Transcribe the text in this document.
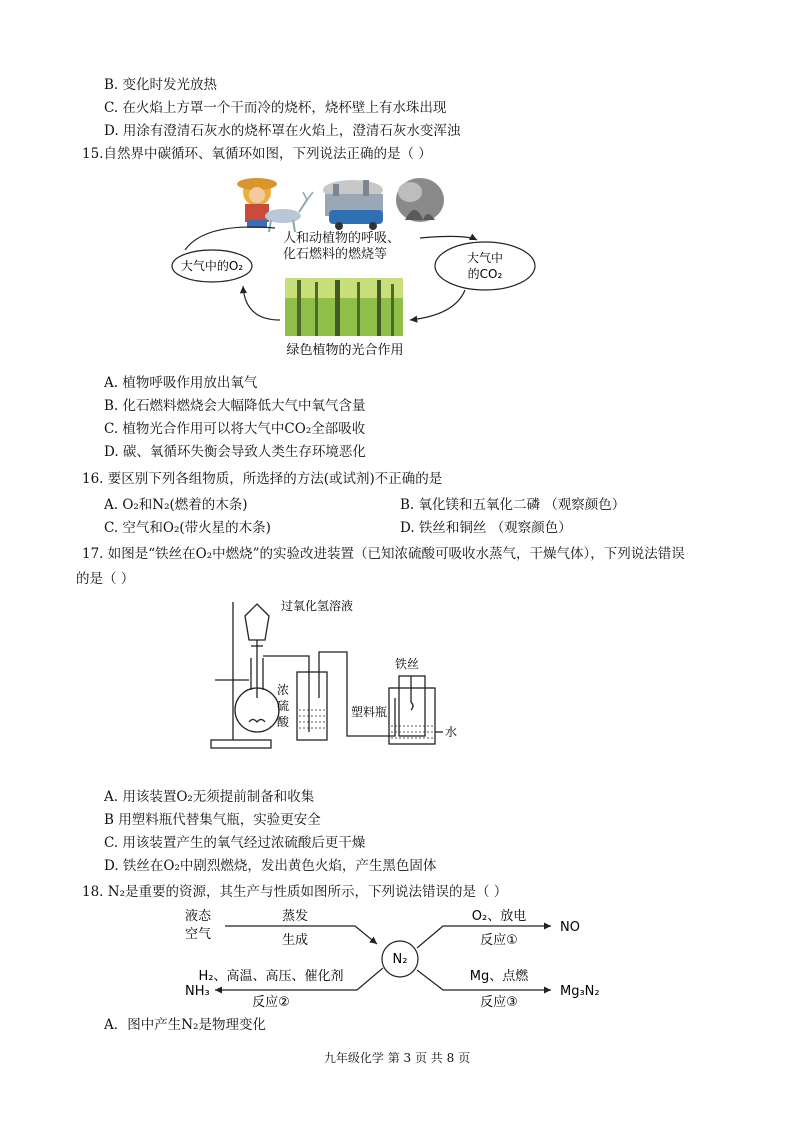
B. 变化时发光放热
C. 在火焰上方罩一个干而冷的烧杯，烧杯壁上有水珠出现
D. 用涂有澄清石灰水的烧杯罩在火焰上，澄清石灰水变浑浊
15.自然界中碳循环、氧循环如图，下列说法正确的是（ ）
人和动植物的呼吸、
化石燃料的燃烧等
大气中的O₂
大气中
的CO₂
绿色植物的光合作用
A. 植物呼吸作用放出氧气
B. 化石燃料燃烧会大幅降低大气中氧气含量
C. 植物光合作用可以将大气中CO₂全部吸收
D. 碳、氧循环失衡会导致人类生存环境恶化
16. 要区别下列各组物质，所选择的方法(或试剂)不正确的是
A. O₂和N₂(燃着的木条)	B. 氧化镁和五氧化二磷 （观察颜色）
C. 空气和O₂(带火星的木条)	D. 铁丝和铜丝 （观察颜色）
17. 如图是“铁丝在O₂中燃烧”的实验改进装置（已知浓硫酸可吸收水蒸气，干燥气体），下列说法错误
的是（ ）
过氧化氢溶液
浓
硫
酸
铁丝
塑料瓶
水
A. 用该装置O₂无须提前制备和收集
B 用塑料瓶代替集气瓶，实验更安全
C. 用该装置产生的氧气经过浓硫酸后更干燥
D. 铁丝在O₂中剧烈燃烧，发出黄色火焰，产生黑色固体
18. N₂是重要的资源，其生产与性质如图所示，下列说法错误的是（ ）
液态
空气
蒸发
生成
N₂
O₂、放电
反应①
NO
H₂、高温、高压、催化剂
反应②
NH₃
Mg、点燃
反应③
Mg₃N₂
A．图中产生N₂是物理变化
九年级化学 第 3 页 共 8 页
